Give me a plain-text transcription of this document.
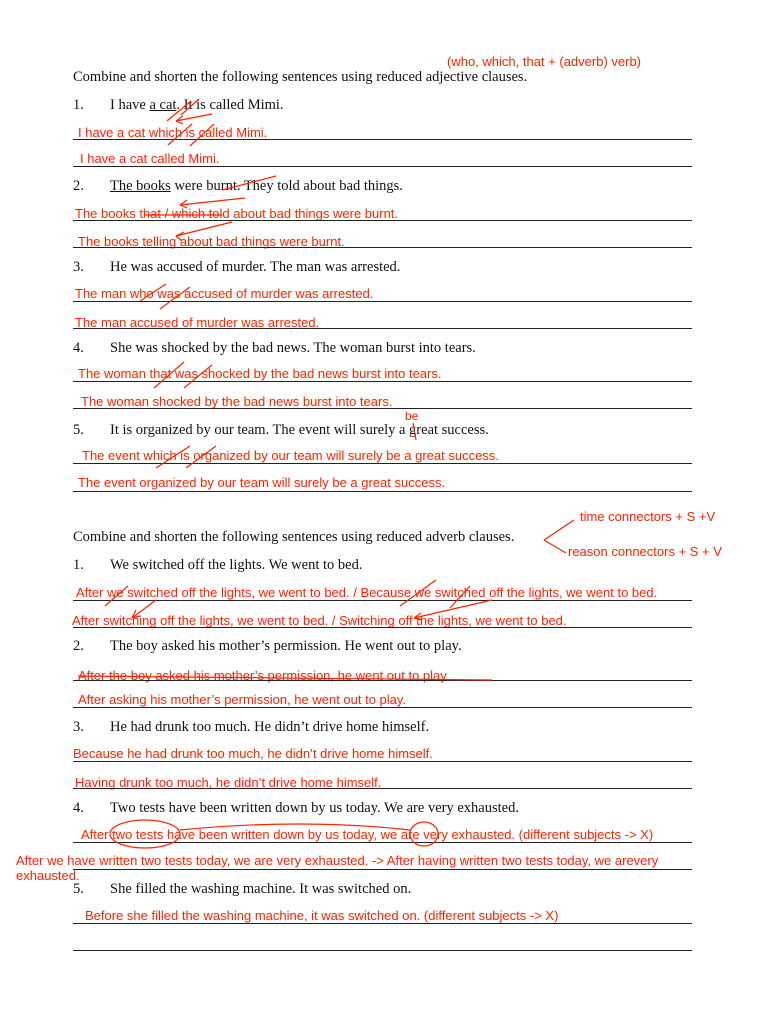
(who, which, that + (adverb) verb)
Combine and shorten the following sentences using reduced adjective clauses.
1. I have a cat. It is called Mimi.
I have a cat which is called Mimi.
I have a cat called Mimi.
2. The books were burnt. They told about bad things.
The books that / which told about bad things were burnt.
The books telling about bad things were burnt.
3. He was accused of murder. The man was arrested.
The man who was accused of murder was arrested.
The man accused of murder was arrested.
4. She was shocked by the bad news. The woman burst into tears.
The woman that was shocked by the bad news burst into tears.
The woman shocked by the bad news burst into tears.
be
5. It is organized by our team. The event will surely a great success.
The event which is organized by our team will surely be a great success.
The event organized by our team will surely be a great success.
time connectors + S +V
Combine and shorten the following sentences using reduced adverb clauses.
reason connectors + S + V
1. We switched off the lights. We went to bed.
After we switched off the lights, we went to bed. / Because we switched off the lights, we went to bed.
After switching off the lights, we went to bed. / Switching off the lights, we went to bed.
2. The boy asked his mother’s permission. He went out to play.
After the boy asked his mother’s permission, he went out to play
After asking his mother’s permission, he went out to play.
3. He had drunk too much. He didn’t drive home himself.
Because he had drunk too much, he didn’t drive home himself.
Having drunk too much, he didn’t drive home himself.
4. Two tests have been written down by us today. We are very exhausted.
After two tests have been written down by us today, we are very exhausted. (different subjects -> X)
After we have written two tests today, we are very exhausted. -> After having written two tests today, we arevery
exhausted.
5. She filled the washing machine. It was switched on.
Before she filled the washing machine, it was switched on. (different subjects -> X)
